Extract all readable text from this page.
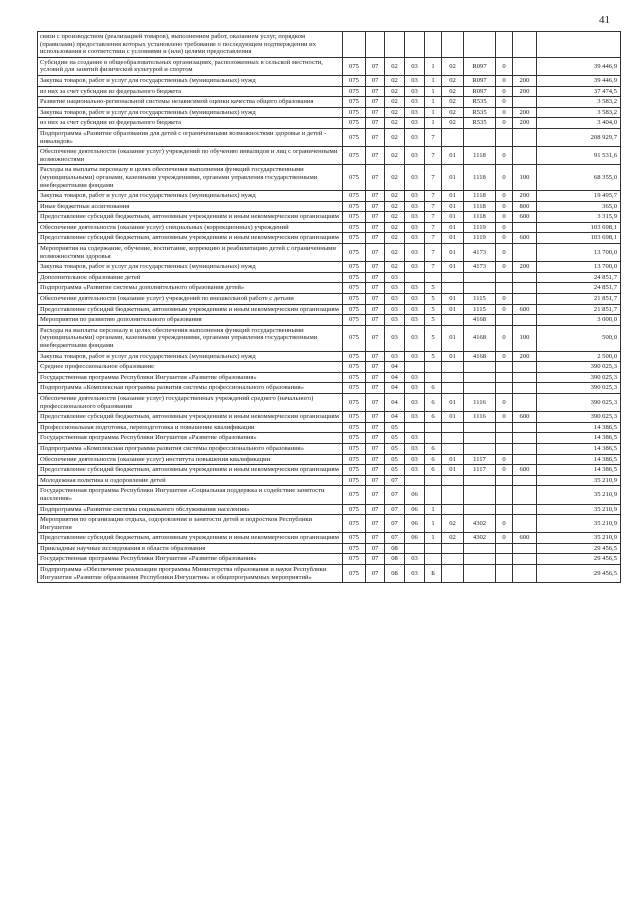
41
связи с производством (реализацией товаров), выполнением работ, оказанием услуг, порядком (правилами) предоставления которых установлено требование о последующем подтверждении их использования в соответствии с условиями и (или) целями предоставления										
Субсидии на создание в общеобразовательных организациях, расположенных в сельской местности, условий для занятий физической культурой и спортом	075	07	02	03	1	02	R097	0		39 446,9
Закупка товаров, работ и услуг для государственных (муниципальных) нужд	075	07	02	03	1	02	R097	0	200	39 446,9
из них за счет субсидии из федерального бюджета	075	07	02	03	1	02	R097	0	200	37 474,5
Развитие национально-региональной системы независимой оценки качества общего образования	075	07	02	03	1	02	R535	0		3 583,2
Закупка товаров, работ и услуг для государственных (муниципальных) нужд	075	07	02	03	1	02	R535	0	200	3 583,2
из них за счет субсидии из федерального бюджета	075	07	02	03	1	02	R535	0	200	3 404,0
Подпрограмма «Развитие образования для детей с ограниченными возможностями здоровья и детей - инвалидов»	075	07	02	03	7					208 929,7
Обеспечение деятельности (оказание услуг) учреждений по обучению инвалидов и лиц с ограниченными возможностями	075	07	02	03	7	01	1118	0		91 531,6
Расходы на выплаты персоналу в целях обеспечения выполнения функций государственными (муниципальными) органами, казенными учреждениями, органами управления государственными внебюджетными фондами	075	07	02	03	7	01	1118	0	100	68 355,0
Закупка товаров, работ и услуг для государственных (муниципальных) нужд	075	07	02	03	7	01	1118	0	200	19 495,7
Иные бюджетные ассигнования	075	07	02	03	7	01	1118	0	800	365,0
Предоставление субсидий бюджетным, автономным учреждениям и иным некоммерческим организациям	075	07	02	03	7	01	1118	0	600	3 315,9
Обеспечение деятельности (оказание услуг) специальных (коррекционных) учреждений	075	07	02	03	7	01	1119	0		103 698,1
Предоставление субсидий бюджетным, автономным учреждениям и иным некоммерческим организациям	075	07	02	03	7	01	1119	0	600	103 698,1
Мероприятия на содержание, обучение, воспитание, коррекцию и реабилитацию детей с ограниченными возможностями здоровья	075	07	02	03	7	01	4173	0		13 700,0
Закупка товаров, работ и услуг для государственных (муниципальных) нужд	075	07	02	03	7	01	4173	0	200	13 700,0
Дополнительное образование детей	075	07	03							24 851,7
Подпрограмма «Развитие системы дополнительного образования детей»	075	07	03	03	5					24 851,7
Обеспечение деятельности (оказание услуг) учреждений по внешкольной работе с детьми	075	07	03	03	5	01	1115	0		21 851,7
Предоставление субсидий бюджетным, автономным учреждениям и иным некоммерческим организациям	075	07	03	03	5	01	1115	0	600	21 851,7
Мероприятия по развитию дополнительного образования	075	07	03	03	5		4168			3 000,0
Расходы на выплаты персоналу в целях обеспечения выполнения функций государственными (муниципальными) органами, казенными учреждениями, органами управления государственными внебюджетными фондами	075	07	03	03	5	01	4168	0	100	500,0
Закупка товаров, работ и услуг для государственных (муниципальных) нужд	075	07	03	03	5	01	4168	0	200	2 500,0
Среднее профессиональное образование	075	07	04							390 025,3
Государственная программа Республики Ингушетия «Развитие образования»	075	07	04	03						390 025,3
Подпрограмма «Комплексная программа развития системы профессионального образования»	075	07	04	03	6					390 025,3
Обеспечение деятельности (оказание услуг) государственных учреждений среднего (начального) профессионального образования	075	07	04	03	6	01	1116	0		390 025,3
Предоставление субсидий бюджетным, автономным учреждениям и иным некоммерческим организациям	075	07	04	03	6	01	1116	0	600	390 025,3
Профессиональная подготовка, переподготовка и повышение квалификации	075	07	05							14 386,5
Государственная программа Республики Ингушетия «Развитие образования»	075	07	05	03						14 386,5
Подпрограмма «Комплексная программа развития системы профессионального образования»	075	07	05	03	6					14 386,5
Обеспечение деятельности (оказание услуг) института повышения квалификации	075	07	05	03	6	01	1117	0		14 386,5
Предоставление субсидий бюджетным, автономным учреждениям и иным некоммерческим организациям	075	07	05	03	6	01	1117	0	600	14 386,5
Молодежная политика и оздоровление детей	075	07	07							35 210,9
Государственная программа Республики Ингушетия «Социальная поддержка и содействие занятости населения»	075	07	07	06						35 210,9
Подпрограмма «Развитие системы социального обслуживания населения»	075	07	07	06	1					35 210,9
Мероприятия по организации отдыха, оздоровления и занятости детей и подростков Республики Ингушетия	075	07	07	06	1	02	4302	0		35 210,9
Предоставление субсидий бюджетным, автономным учреждениям и иным некоммерческим организациям	075	07	07	06	1	02	4302	0	600	35 210,9
Прикладные научные исследования в области образования	075	07	08							29 456,5
Государственная программа Республики Ингушетия «Развитие образования»	075	07	08	03						29 456,5
Подпрограмма «Обеспечение реализации программы Министерства образования и науки Республики Ингушетия «Развитие образования Республики Ингушетия» и общепрограммных мероприятий»	075	07	08	03	Б					29 456,5
